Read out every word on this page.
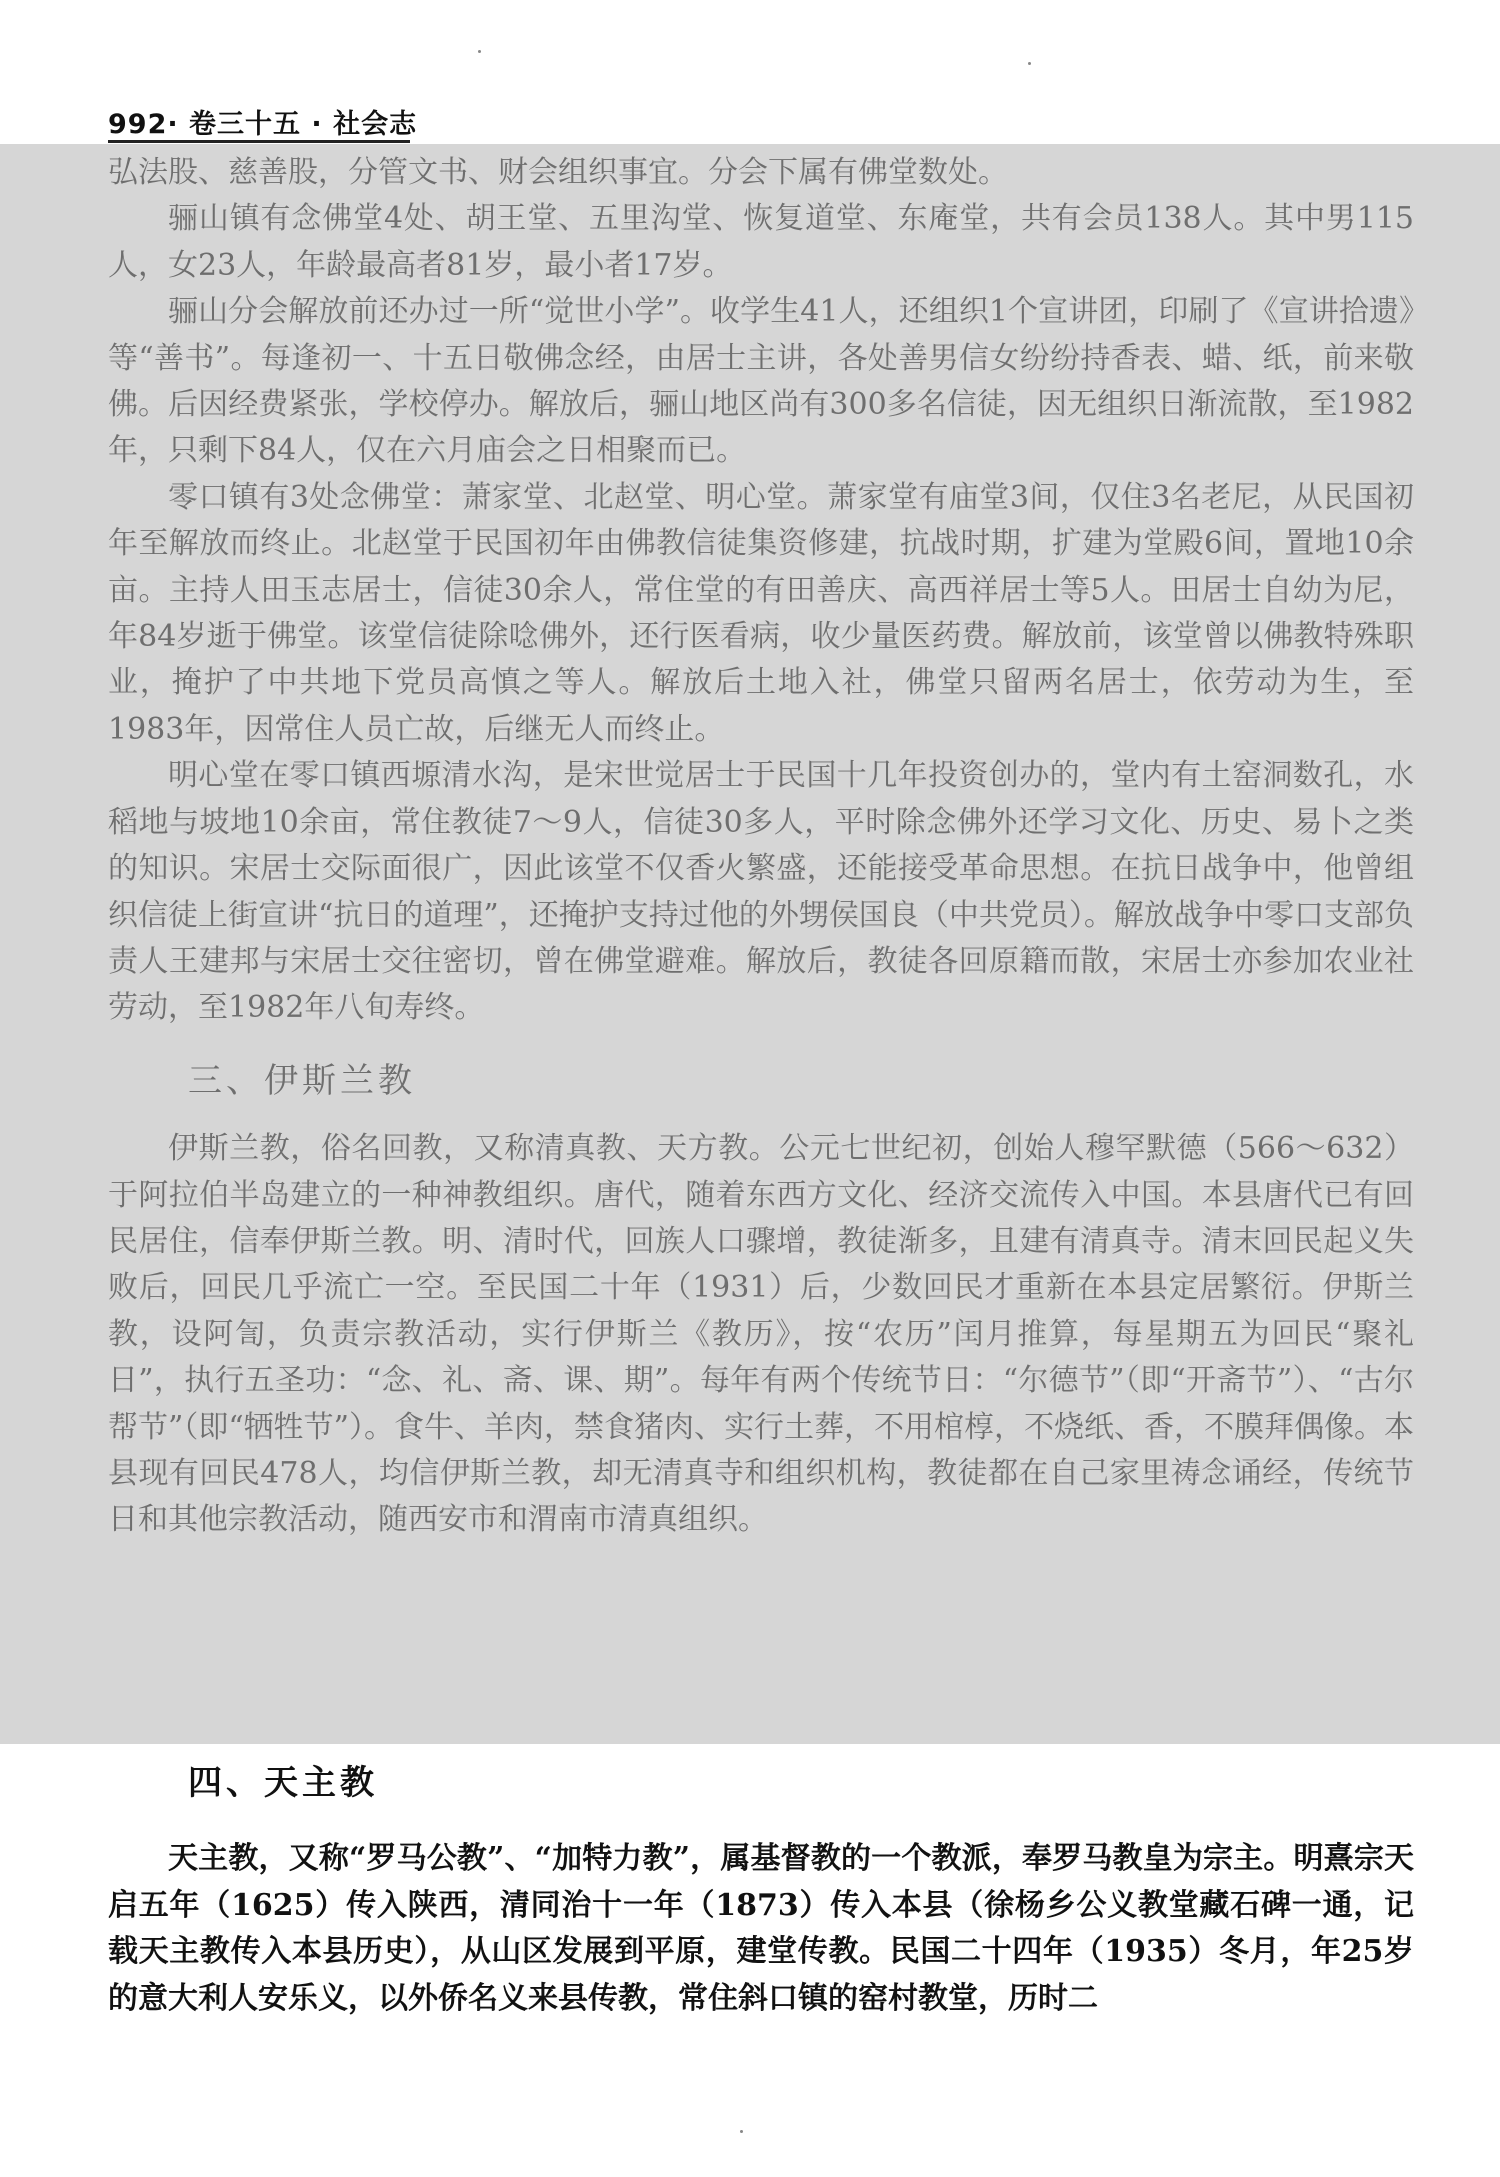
992· 卷三十五 · 社会志

弘法股、慈善股，分管文书、财会组织事宜。分会下属有佛堂数处。

骊山镇有念佛堂4处、胡王堂、五里沟堂、恢复道堂、东庵堂，共有会员138人。其中男115人，女23人，年龄最高者81岁，最小者17岁。

骊山分会解放前还办过一所“觉世小学”。收学生41人，还组织1个宣讲团，印刷了《宣讲拾遗》等“善书”。每逢初一、十五日敬佛念经，由居士主讲，各处善男信女纷纷持香表、蜡、纸，前来敬佛。后因经费紧张，学校停办。解放后，骊山地区尚有300多名信徒，因无组织日渐流散，至1982年，只剩下84人，仅在六月庙会之日相聚而已。

零口镇有3处念佛堂：萧家堂、北赵堂、明心堂。萧家堂有庙堂3间，仅住3名老尼，从民国初年至解放而终止。北赵堂于民国初年由佛教信徒集资修建，抗战时期，扩建为堂殿6间，置地10余亩。主持人田玉志居士，信徒30余人，常住堂的有田善庆、高西祥居士等5人。田居士自幼为尼，年84岁逝于佛堂。该堂信徒除唸佛外，还行医看病，收少量医药费。解放前，该堂曾以佛教特殊职业，掩护了中共地下党员高慎之等人。解放后土地入社，佛堂只留两名居士，依劳动为生，至1983年，因常住人员亡故，后继无人而终止。

明心堂在零口镇西塬清水沟，是宋世觉居士于民国十几年投资创办的，堂内有土窑洞数孔，水稻地与坡地10余亩，常住教徒7～9人，信徒30多人，平时除念佛外还学习文化、历史、易卜之类的知识。宋居士交际面很广，因此该堂不仅香火繁盛，还能接受革命思想。在抗日战争中，他曾组织信徒上街宣讲“抗日的道理”，还掩护支持过他的外甥侯国良（中共党员）。解放战争中零口支部负责人王建邦与宋居士交往密切，曾在佛堂避难。解放后，教徒各回原籍而散，宋居士亦参加农业社劳动，至1982年八旬寿终。

三、伊斯兰教

伊斯兰教，俗名回教，又称清真教、天方教。公元七世纪初，创始人穆罕默德（566～632）于阿拉伯半岛建立的一种神教组织。唐代，随着东西方文化、经济交流传入中国。本县唐代已有回民居住，信奉伊斯兰教。明、清时代，回族人口骤增，教徒渐多，且建有清真寺。清末回民起义失败后，回民几乎流亡一空。至民国二十年（1931）后，少数回民才重新在本县定居繁衍。伊斯兰教，设阿訇，负责宗教活动，实行伊斯兰《教历》，按“农历”闰月推算，每星期五为回民“聚礼日”，执行五圣功：“念、礼、斋、课、期”。每年有两个传统节日：“尔德节”（即“开斋节”）、“古尔帮节”（即“牺牲节”）。食牛、羊肉，禁食猪肉、实行土葬，不用棺椁，不烧纸、香，不膜拜偶像。本县现有回民478人，均信伊斯兰教，却无清真寺和组织机构，教徒都在自己家里祷念诵经，传统节日和其他宗教活动，随西安市和渭南市清真组织。

四、天主教

天主教，又称“罗马公教”、“加特力教”，属基督教的一个教派，奉罗马教皇为宗主。明熹宗天启五年（1625）传入陕西，清同治十一年（1873）传入本县（徐杨乡公义教堂藏石碑一通，记载天主教传入本县历史），从山区发展到平原，建堂传教。民国二十四年（1935）冬月，年25岁的意大利人安乐义，以外侨名义来县传教，常住斜口镇的窑村教堂，历时二
